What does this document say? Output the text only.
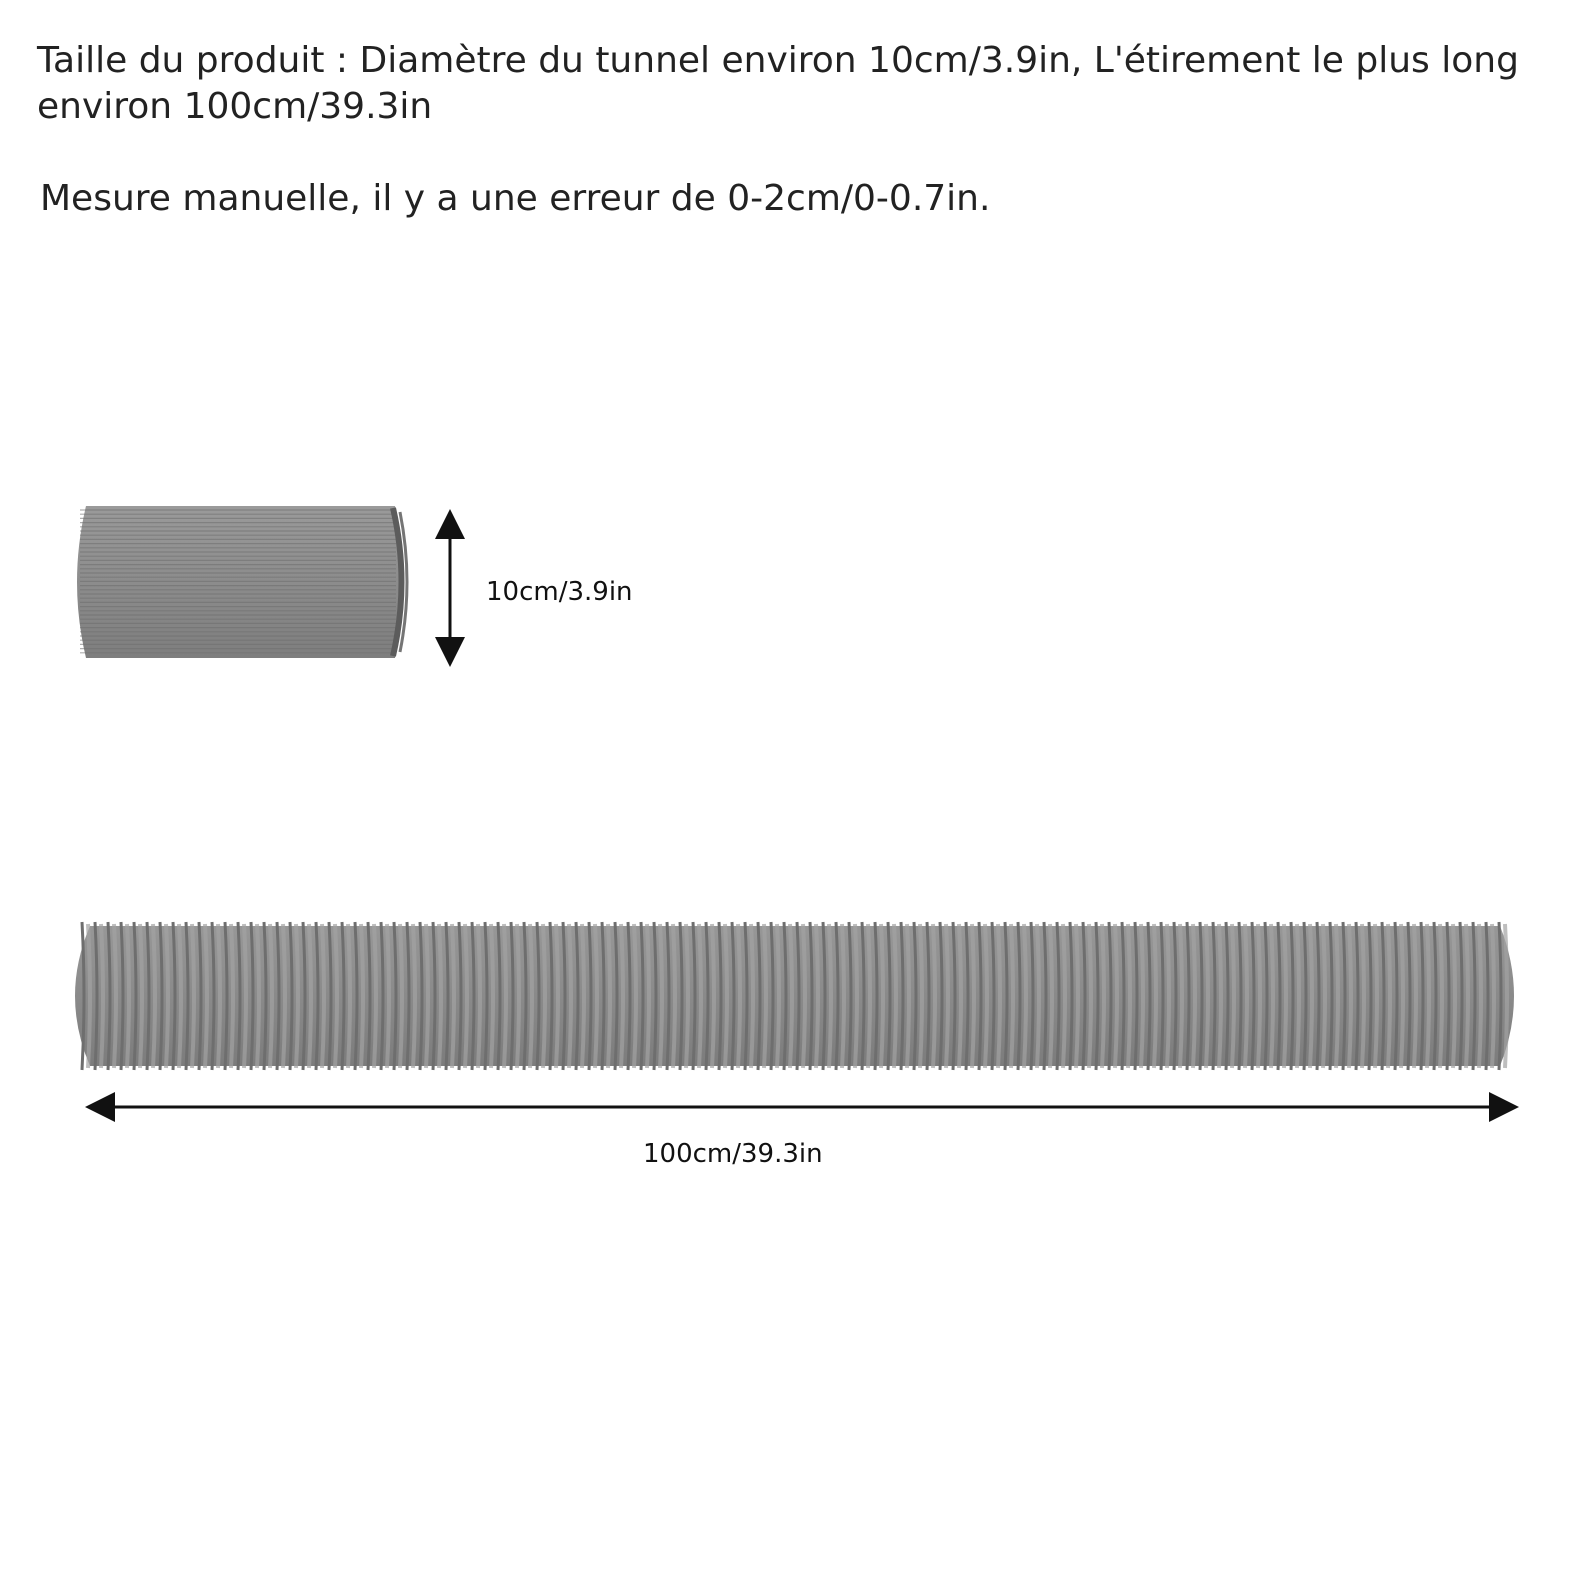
Taille du produit : Diamètre du tunnel environ 10cm/3.9in, L'étirement le plus long environ 100cm/39.3in

Mesure manuelle, il y a une erreur de 0-2cm/0-0.7in.

10cm/3.9in

100cm/39.3in
